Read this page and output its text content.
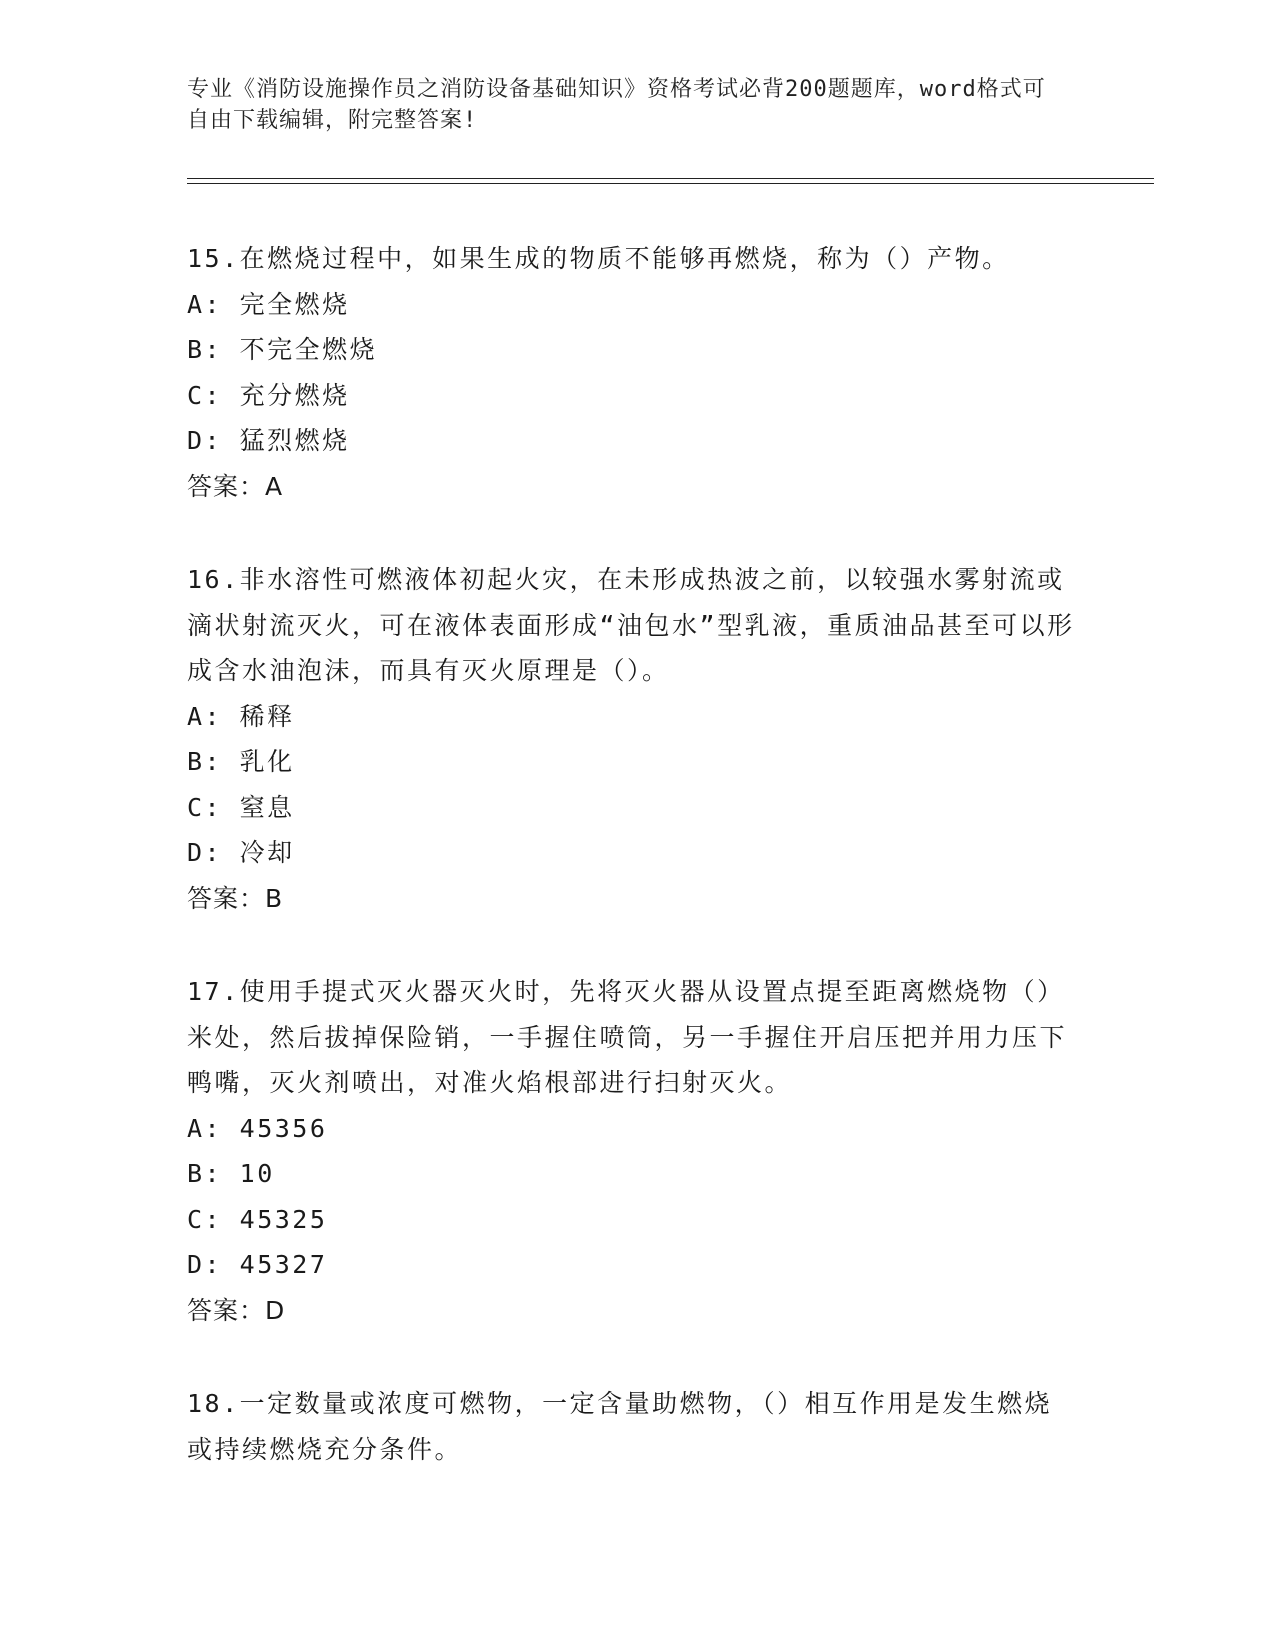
专业《消防设施操作员之消防设备基础知识》资格考试必背200题题库，word格式可自由下载编辑，附完整答案!
15.在燃烧过程中，如果生成的物质不能够再燃烧，称为（）产物。
A: 完全燃烧
B: 不完全燃烧
C: 充分燃烧
D: 猛烈燃烧
答案：A
16.非水溶性可燃液体初起火灾，在未形成热波之前，以较强水雾射流或滴状射流灭火，可在液体表面形成“油包水”型乳液，重质油品甚至可以形成含水油泡沫，而具有灭火原理是（）。
A: 稀释
B: 乳化
C: 窒息
D: 冷却
答案：B
17.使用手提式灭火器灭火时，先将灭火器从设置点提至距离燃烧物（）米处，然后拔掉保险销，一手握住喷筒，另一手握住开启压把并用力压下鸭嘴，灭火剂喷出，对准火焰根部进行扫射灭火。
A: 45356
B: 10
C: 45325
D: 45327
答案：D
18.一定数量或浓度可燃物，一定含量助燃物，（）相互作用是发生燃烧或持续燃烧充分条件。
